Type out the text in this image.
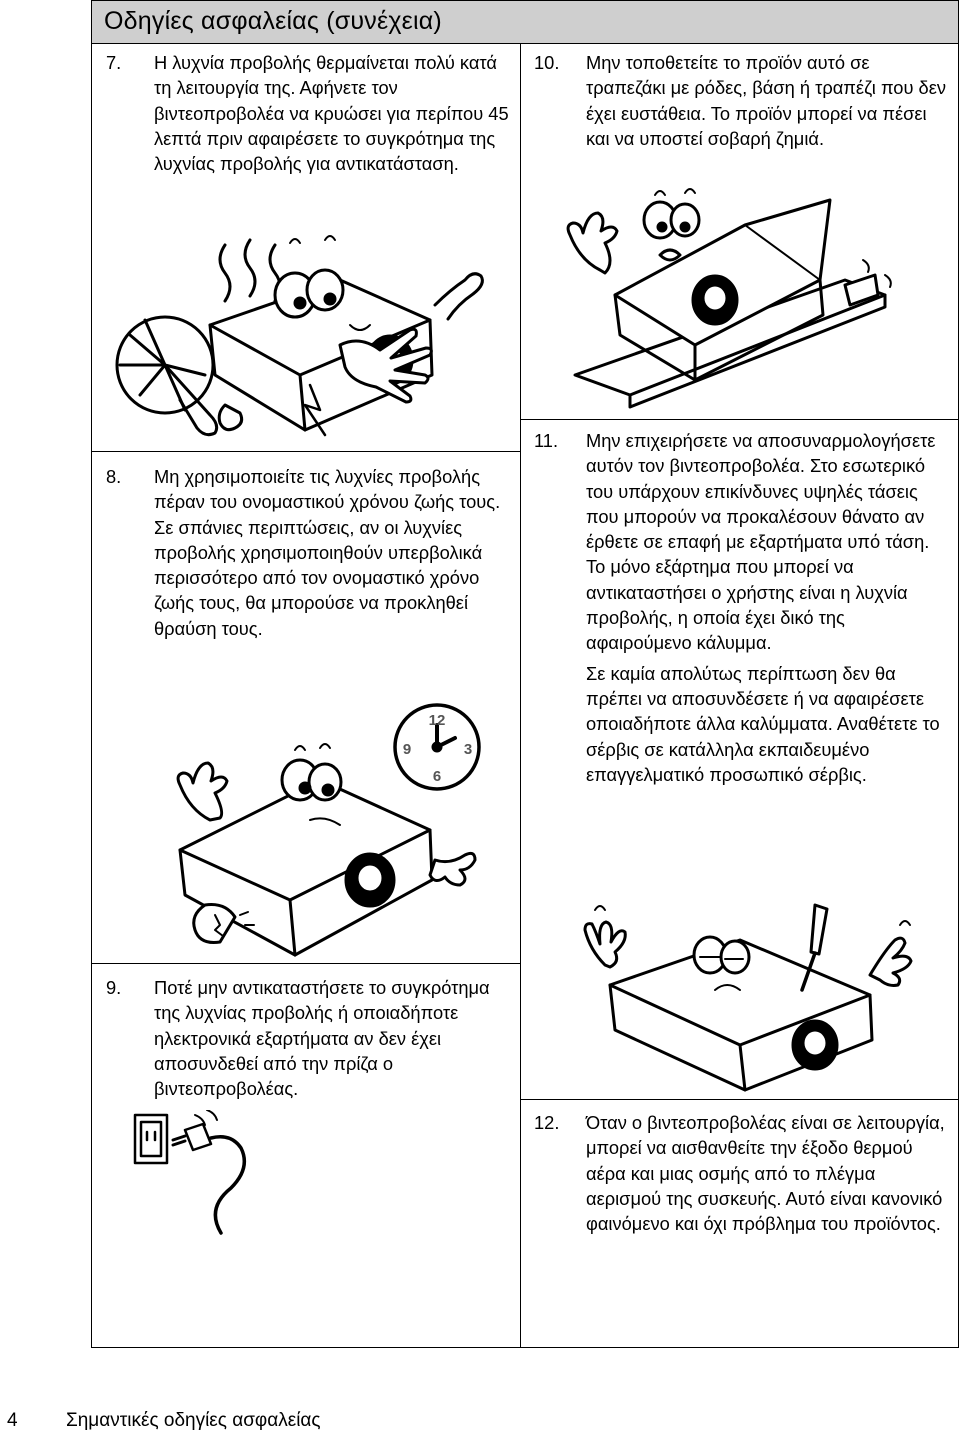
Οδηγίες ασφαλείας (συνέχεια)
7. Η λυχνία προβολής θερμαίνεται πολύ κατά τη λειτουργία της. Αφήνετε τον βιντεοπροβολέα να κρυώσει για περίπου 45 λεπτά πριν αφαιρέσετε το συγκρότημα της λυχνίας προβολής για αντικατάσταση.

8. Μη χρησιμοποιείτε τις λυχνίες προβολής πέραν του ονομαστικού χρόνου ζωής τους. Σε σπάνιες περιπτώσεις, αν οι λυχνίες προβολής χρησιμοποιηθούν υπερβολικά περισσότερο από τον ονομαστικό χρόνο ζωής τους, θα μπορούσε να προκληθεί θραύση τους.

9. Ποτέ μην αντικαταστήσετε το συγκρότημα της λυχνίας προβολής ή οποιαδήποτε ηλεκτρονικά εξαρτήματα αν δεν έχει αποσυνδεθεί από την πρίζα ο βιντεοπροβολέας.

10. Μην τοποθετείτε το προϊόν αυτό σε τραπεζάκι με ρόδες, βάση ή τραπέζι που δεν έχει ευστάθεια. Το προϊόν μπορεί να πέσει και να υποστεί σοβαρή ζημιά.

11. Μην επιχειρήσετε να αποσυναρμολογήσετε αυτόν τον βιντεοπροβολέα. Στο εσωτερικό του υπάρχουν επικίνδυνες υψηλές τάσεις που μπορούν να προκαλέσουν θάνατο αν έρθετε σε επαφή με εξαρτήματα υπό τάση. Το μόνο εξάρτημα που μπορεί να αντικαταστήσει ο χρήστης είναι η λυχνία προβολής, η οποία έχει δικό της αφαιρούμενο κάλυμμα.

Σε καμία απολύτως περίπτωση δεν θα πρέπει να αποσυνδέσετε ή να αφαιρέσετε οποιαδήποτε άλλα καλύμματα. Αναθέτετε το σέρβις σε κατάλληλα εκπαιδευμένο επαγγελματικό προσωπικό σέρβις.

12. Όταν ο βιντεοπροβολέας είναι σε λειτουργία, μπορεί να αισθανθείτε την έξοδο θερμού αέρα και μιας οσμής από το πλέγμα αερισμού της συσκευής. Αυτό είναι κανονικό φαινόμενο και όχι πρόβλημα του προϊόντος.

12
3
6
9
4	Σημαντικές οδηγίες ασφαλείας
